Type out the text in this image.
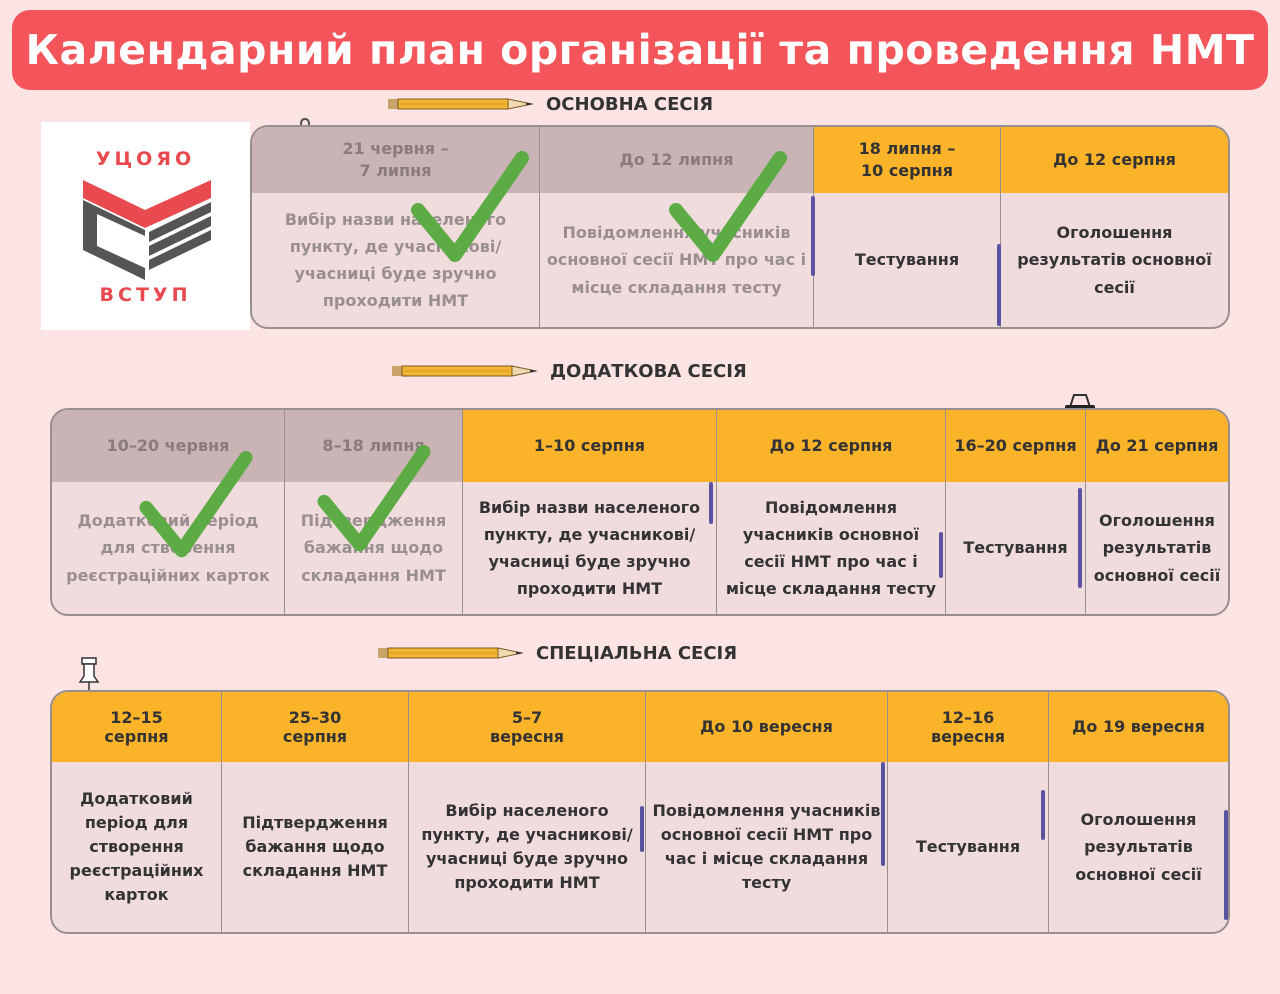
Календарний план організації та проведення НМТ
ОСНОВНА СЕСІЯ
ДОДАТКОВА СЕСІЯ
СПЕЦІАЛЬНА СЕСІЯ
УЦОЯО
ВСТУП
21 червня –
7 липня
Вибір назви населеного пункту, де учасникові/учасниці буде зручно проходити НМТ
До 12 липня
Повідомлення учасників основної сесії НМТ про час і місце складання тесту
18 липня –
10 серпня
Тестування
До 12 серпня
Оголошення результатів основної сесії
10–20 червня
Додатковий період для створення реєстраційних карток
8–18 липня
Підтвердження бажання щодо складання НМТ
1–10 серпня
Вибір назви населеного пункту, де учасникові/ учасниці буде зручно проходити НМТ
До 12 серпня
Повідомлення учасників основної сесії НМТ про час і місце складання тесту
16–20 серпня
Тестування
До 21 серпня
Оголошення результатів основної сесії
12–15
серпня
Додатковий період для створення реєстраційних карток
25–30
серпня
Підтвердження бажання щодо складання НМТ
5–7
вересня
Вибір населеного пункту, де учасникові/ учасниці буде зручно проходити НМТ
До 10 вересня
Повідомлення учасників основної сесії НМТ про час і місце складання тесту
12–16
вересня
Тестування
До 19 вересня
Оголошення результатів основної сесії
